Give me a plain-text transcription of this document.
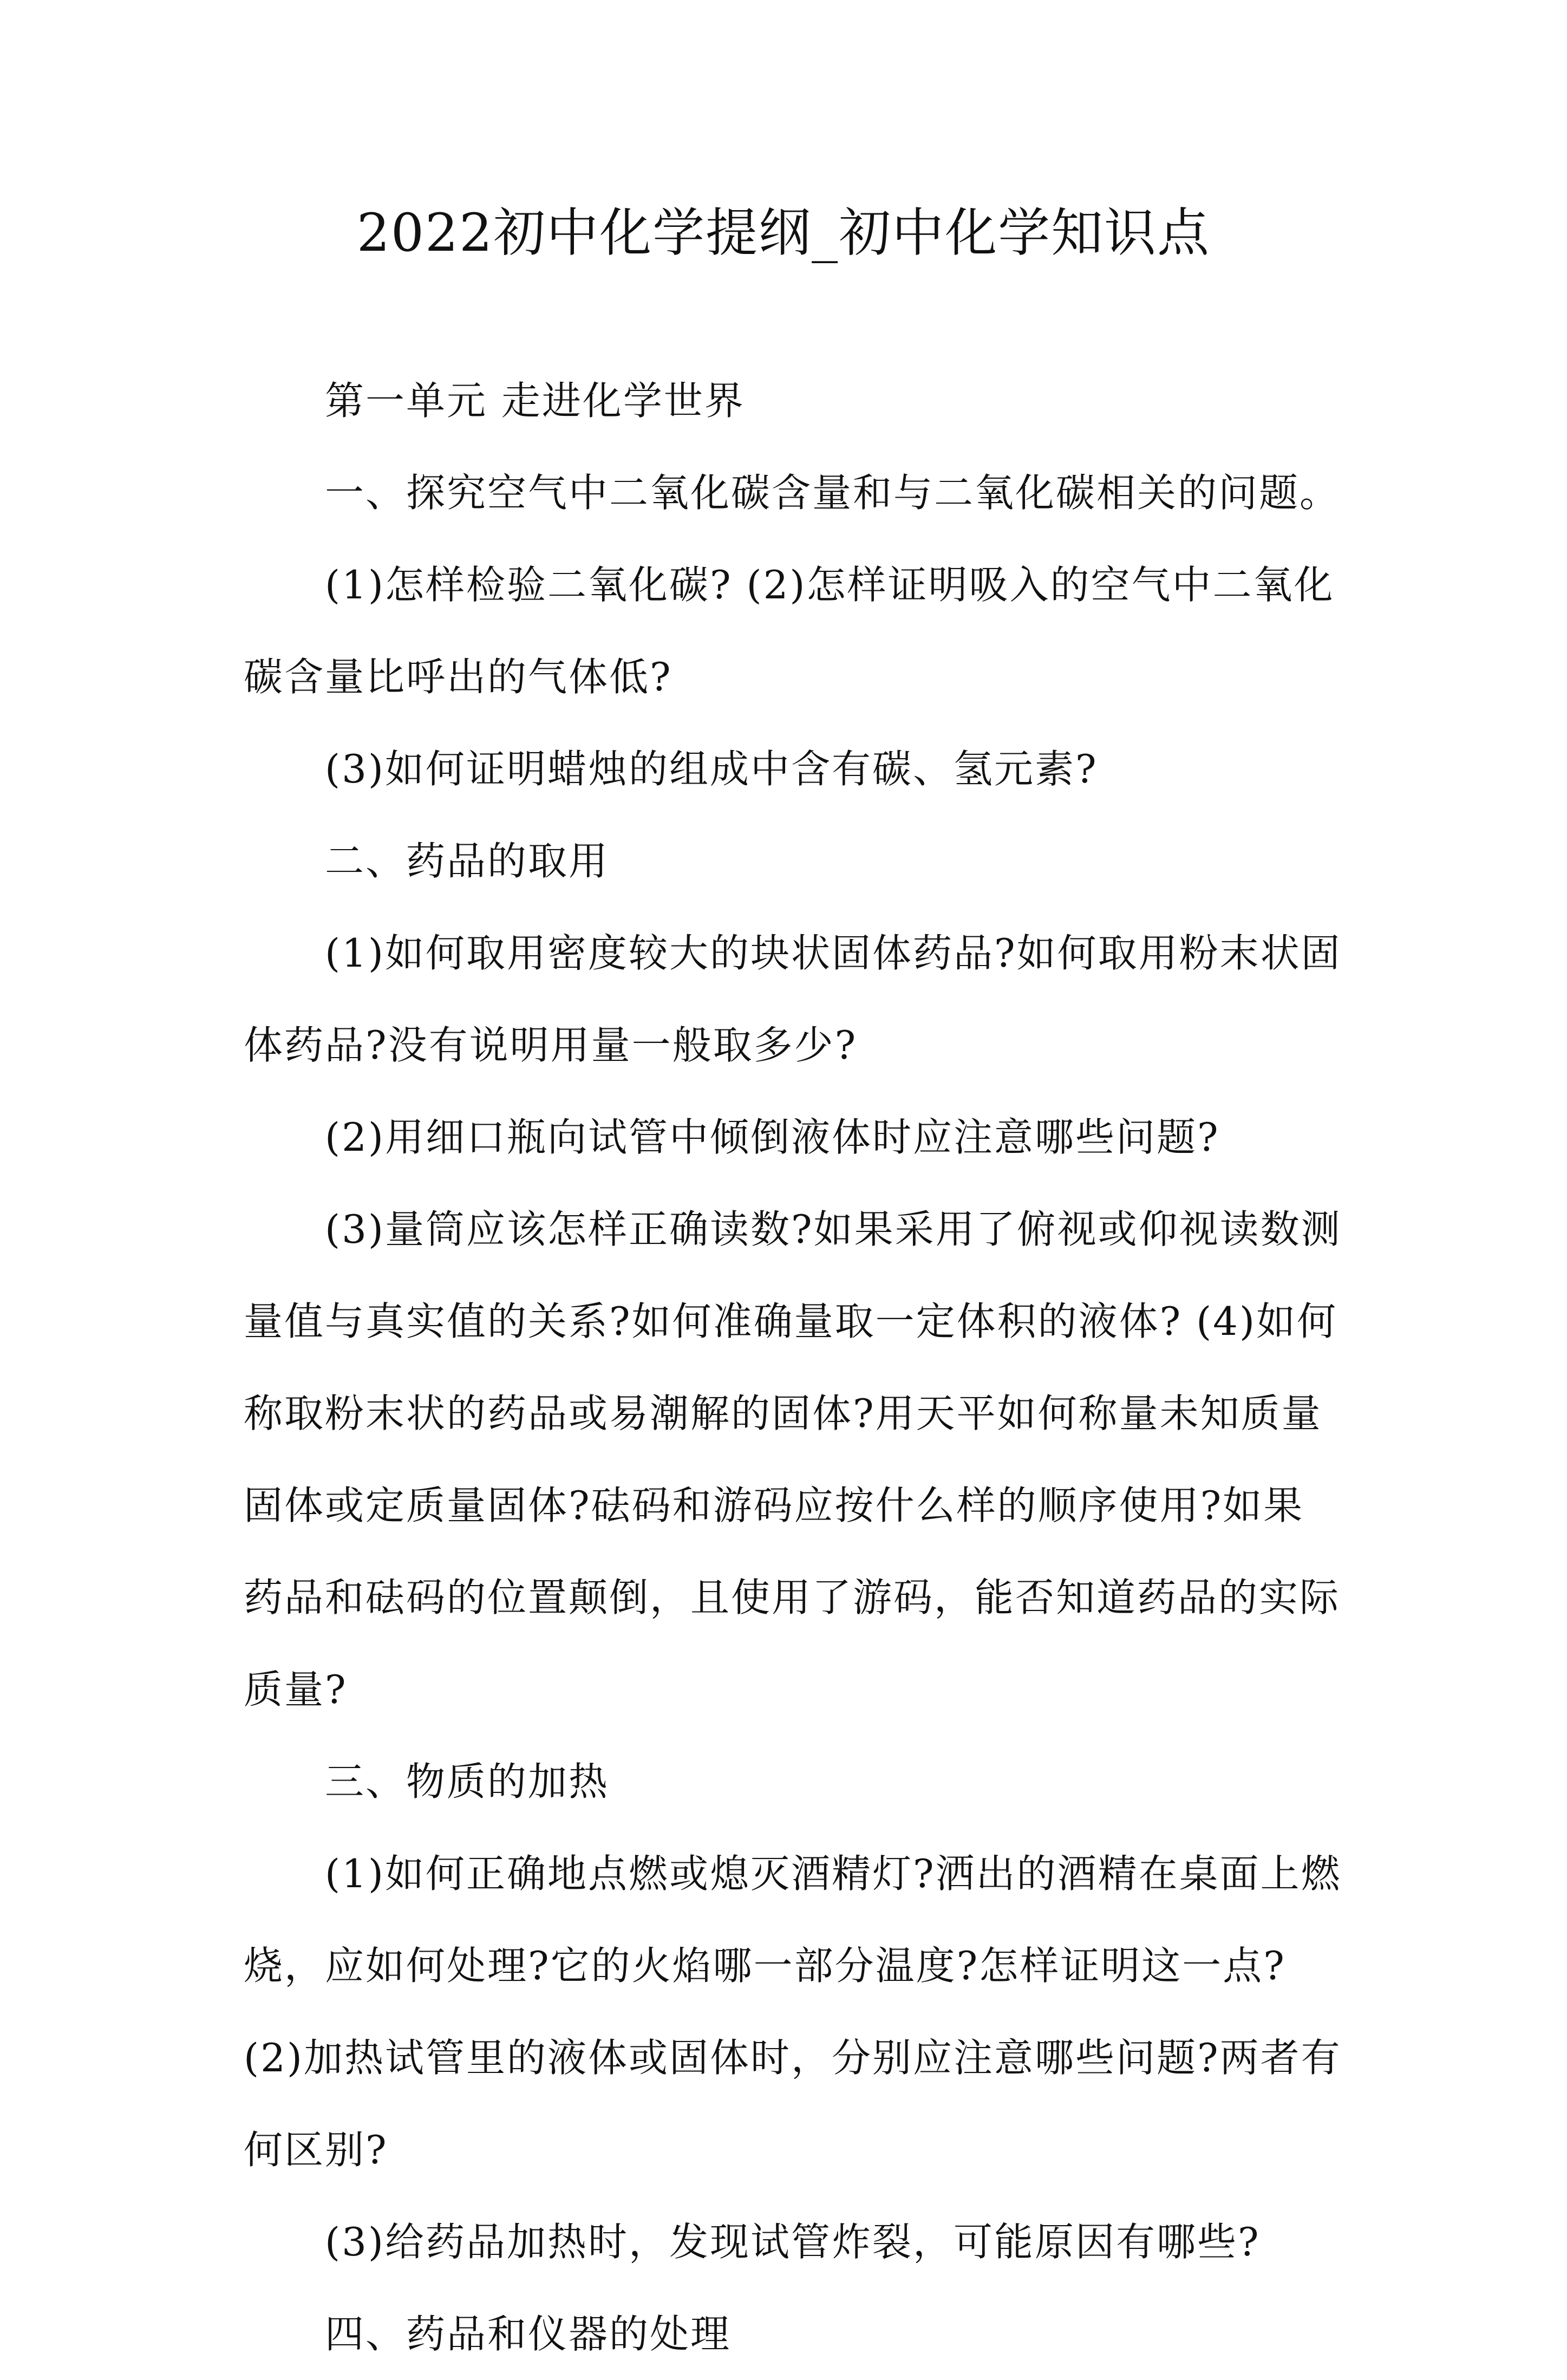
2022初中化学提纲_初中化学知识点

第一单元 走进化学世界

一、探究空气中二氧化碳含量和与二氧化碳相关的问题。

(1)怎样检验二氧化碳? (2)怎样证明吸入的空气中二氧化碳含量比呼出的气体低?

(3)如何证明蜡烛的组成中含有碳、氢元素?

二、药品的取用

(1)如何取用密度较大的块状固体药品?如何取用粉末状固体药品?没有说明用量一般取多少?

(2)用细口瓶向试管中倾倒液体时应注意哪些问题?

(3)量筒应该怎样正确读数?如果采用了俯视或仰视读数测量值与真实值的关系?如何准确量取一定体积的液体? (4)如何称取粉末状的药品或易潮解的固体?用天平如何称量未知质量固体或定质量固体?砝码和游码应按什么样的顺序使用?如果药品和砝码的位置颠倒，且使用了游码，能否知道药品的实际质量?

三、物质的加热

(1)如何正确地点燃或熄灭酒精灯?洒出的酒精在桌面上燃烧，应如何处理?它的火焰哪一部分温度?怎样证明这一点?(2)加热试管里的液体或固体时，分别应注意哪些问题?两者有何区别?

(3)给药品加热时，发现试管炸裂，可能原因有哪些?

四、药品和仪器的处理
